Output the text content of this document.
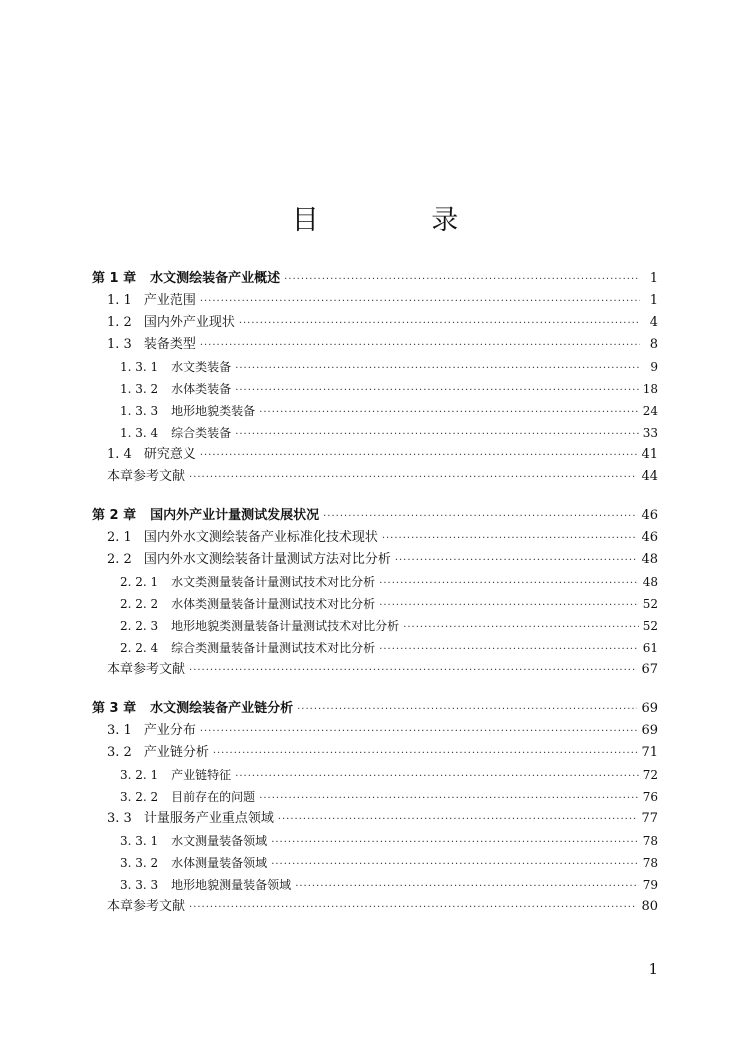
目 录
第 1 章 水文测绘装备产业概述 ·····	1
1. 1 产业范围 ·····	1
1. 2 国内外产业现状 ·····	4
1. 3 装备类型 ·····	8
1. 3. 1 水文类装备 ·····	9
1. 3. 2 水体类装备 ·····	18
1. 3. 3 地形地貌类装备 ·····	24
1. 3. 4 综合类装备 ·····	33
1. 4 研究意义 ·····	41
本章参考文献 ·····	44
第 2 章 国内外产业计量测试发展状况 ·····	46
2. 1 国内外水文测绘装备产业标准化技术现状 ·····	46
2. 2 国内外水文测绘装备计量测试方法对比分析 ·····	48
2. 2. 1 水文类测量装备计量测试技术对比分析 ·····	48
2. 2. 2 水体类测量装备计量测试技术对比分析 ·····	52
2. 2. 3 地形地貌类测量装备计量测试技术对比分析 ·····	52
2. 2. 4 综合类测量装备计量测试技术对比分析 ·····	61
本章参考文献 ·····	67
第 3 章 水文测绘装备产业链分析 ·····	69
3. 1 产业分布 ·····	69
3. 2 产业链分析 ·····	71
3. 2. 1 产业链特征 ·····	72
3. 2. 2 目前存在的问题 ·····	76
3. 3 计量服务产业重点领域 ·····	77
3. 3. 1 水文测量装备领域 ·····	78
3. 3. 2 水体测量装备领域 ·····	78
3. 3. 3 地形地貌测量装备领域 ·····	79
本章参考文献 ·····	80
1
